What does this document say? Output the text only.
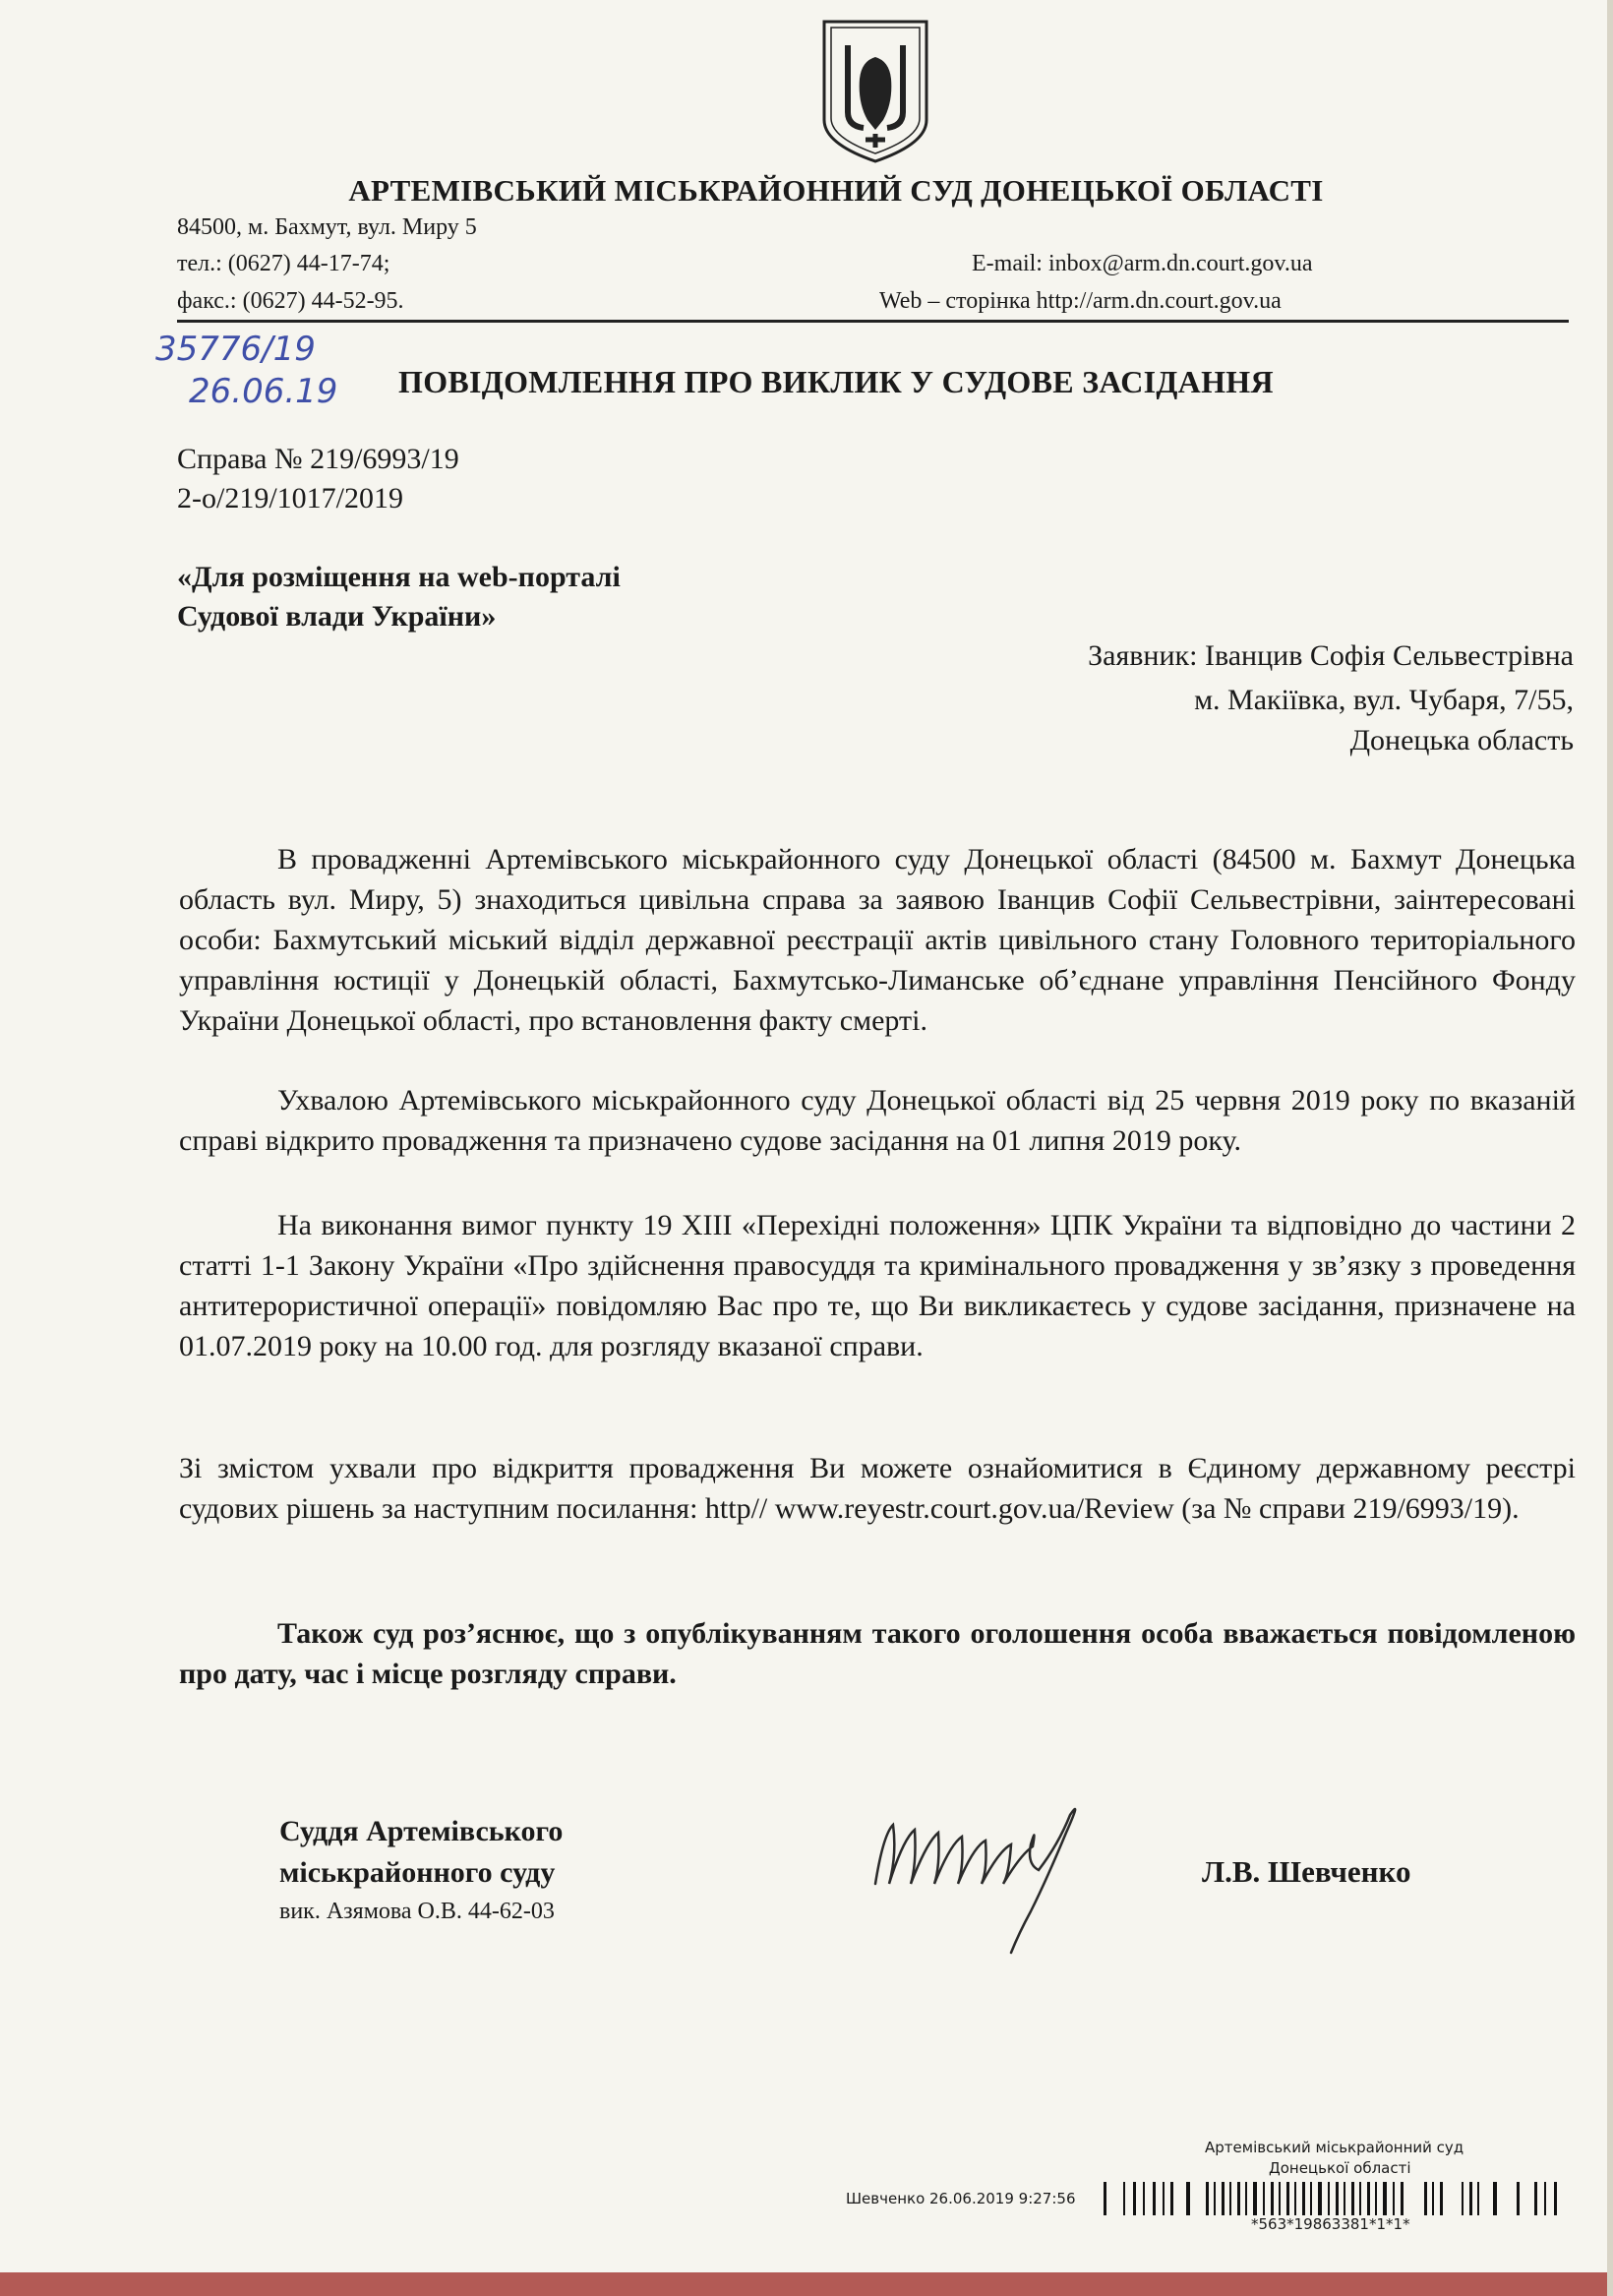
АРТЕМІВСЬКИЙ МІСЬКРАЙОННИЙ СУД ДОНЕЦЬКОЇ ОБЛАСТІ
84500, м. Бахмут, вул. Миру 5
тел.: (0627) 44-17-74;
факс.: (0627) 44-52-95.
E-mail: inbox@arm.dn.court.gov.ua
Web – сторінка http://arm.dn.court.gov.ua
35776/19
26.06.19 ПОВІДОМЛЕННЯ ПРО ВИКЛИК У СУДОВЕ ЗАСІДАННЯ
Справа № 219/6993/19
2-о/219/1017/2019
«Для розміщення на web-порталі
Судової влади України»
Заявник: Іванцив Софія Сельвестрівна
м. Макіївка, вул. Чубаря, 7/55,
Донецька область
В провадженні Артемівського міськрайонного суду Донецької області (84500 м. Бахмут Донецька область вул. Миру, 5) знаходиться цивільна справа за заявою Іванцив Софії Сельвестрівни, заінтересовані особи: Бахмутський міський відділ державної реєстрації актів цивільного стану Головного територіального управління юстиції у Донецькій області, Бахмутсько-Лиманське об’єднане управління Пенсійного Фонду України Донецької області, про встановлення факту смерті.
Ухвалою Артемівського міськрайонного суду Донецької області від 25 червня 2019 року по вказаній справі відкрито провадження та призначено судове засідання на 01 липня 2019 року.
На виконання вимог пункту 19 ХІІІ «Перехідні положення» ЦПК України та відповідно до частини 2 статті 1-1 Закону України «Про здійснення правосуддя та кримінального провадження у зв’язку з проведення антитерористичної операції» повідомляю Вас про те, що Ви викликаєтесь у судове засідання, призначене на 01.07.2019 року на 10.00 год. для розгляду вказаної справи.
Зі змістом ухвали про відкриття провадження Ви можете ознайомитися в Єдиному державному реєстрі судових рішень за наступним посилання: http// www.reyestr.court.gov.ua/Review (за № справи 219/6993/19).
Також суд роз’яснює, що з опублікуванням такого оголошення особа вважається повідомленою про дату, час і місце розгляду справи.
Суддя Артемівського
міськрайонного суду
вик. Азямова О.В. 44-62-03
Л.В. Шевченко
Артемівський міськрайонний суд
Донецької області
Шевченко 26.06.2019 9:27:56
*563*19863381*1*1*
